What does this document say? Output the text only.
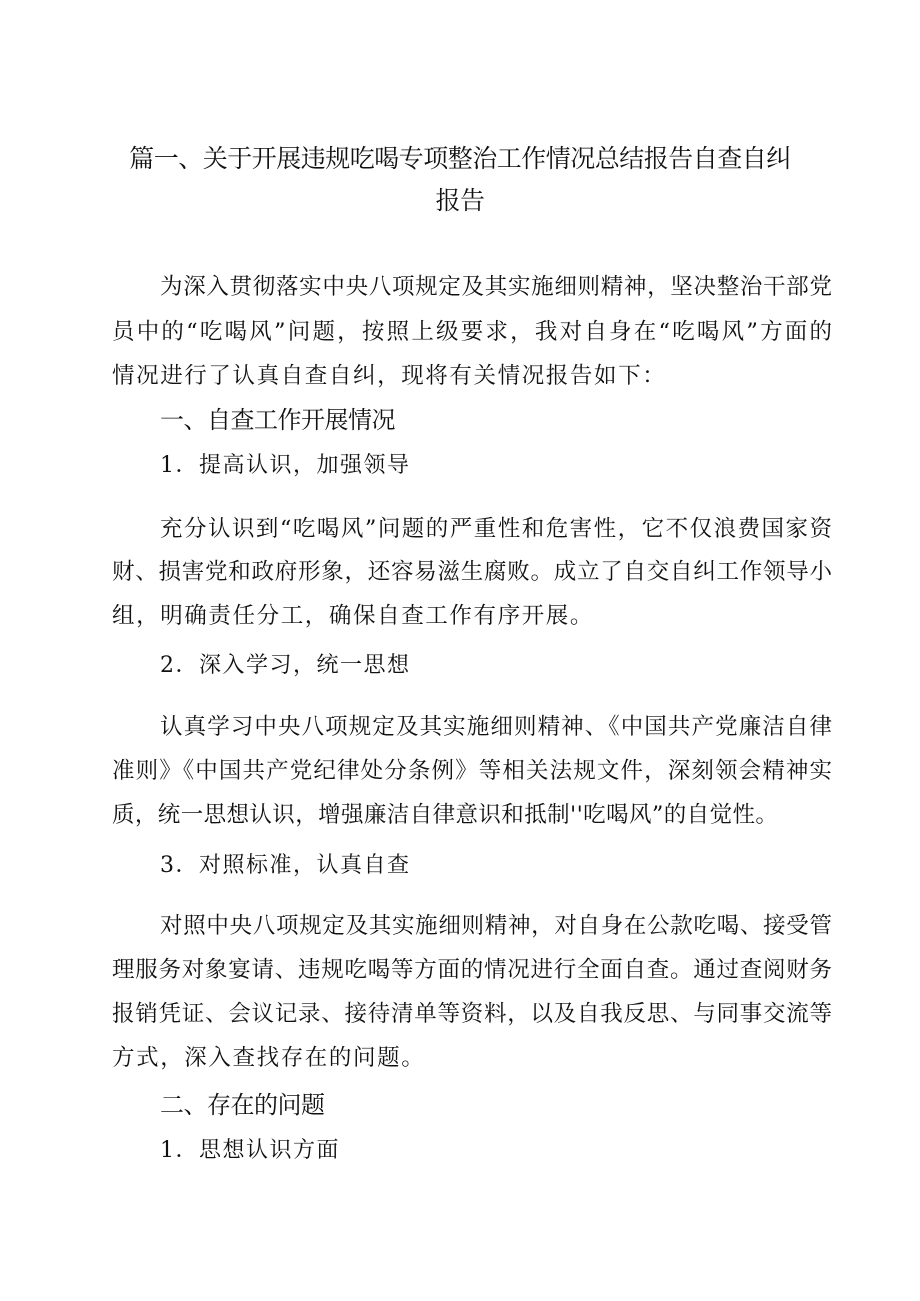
篇一、关于开展违规吃喝专项整治工作情况总结报告自查自纠
报告
为深入贯彻落实中央八项规定及其实施细则精神，坚决整治干部党
员中的“吃喝风”问题，按照上级要求，我对自身在“吃喝风”方面的
情况进行了认真自查自纠，现将有关情况报告如下：
一、自查工作开展情况
1．提高认识，加强领导
充分认识到“吃喝风”问题的严重性和危害性，它不仅浪费国家资
财、损害党和政府形象，还容易滋生腐败。成立了自交自纠工作领导小
组，明确责任分工，确保自查工作有序开展。
2．深入学习，统一思想
认真学习中央八项规定及其实施细则精神、《中国共产党廉洁自律
准则》《中国共产党纪律处分条例》等相关法规文件，深刻领会精神实
质，统一思想认识，增强廉洁自律意识和抵制''吃喝风”的自觉性。
3．对照标准，认真自查
对照中央八项规定及其实施细则精神，对自身在公款吃喝、接受管
理服务对象宴请、违规吃喝等方面的情况进行全面自查。通过查阅财务
报销凭证、会议记录、接待清单等资料，以及自我反思、与同事交流等
方式，深入查找存在的问题。
二、存在的问题
1．思想认识方面
